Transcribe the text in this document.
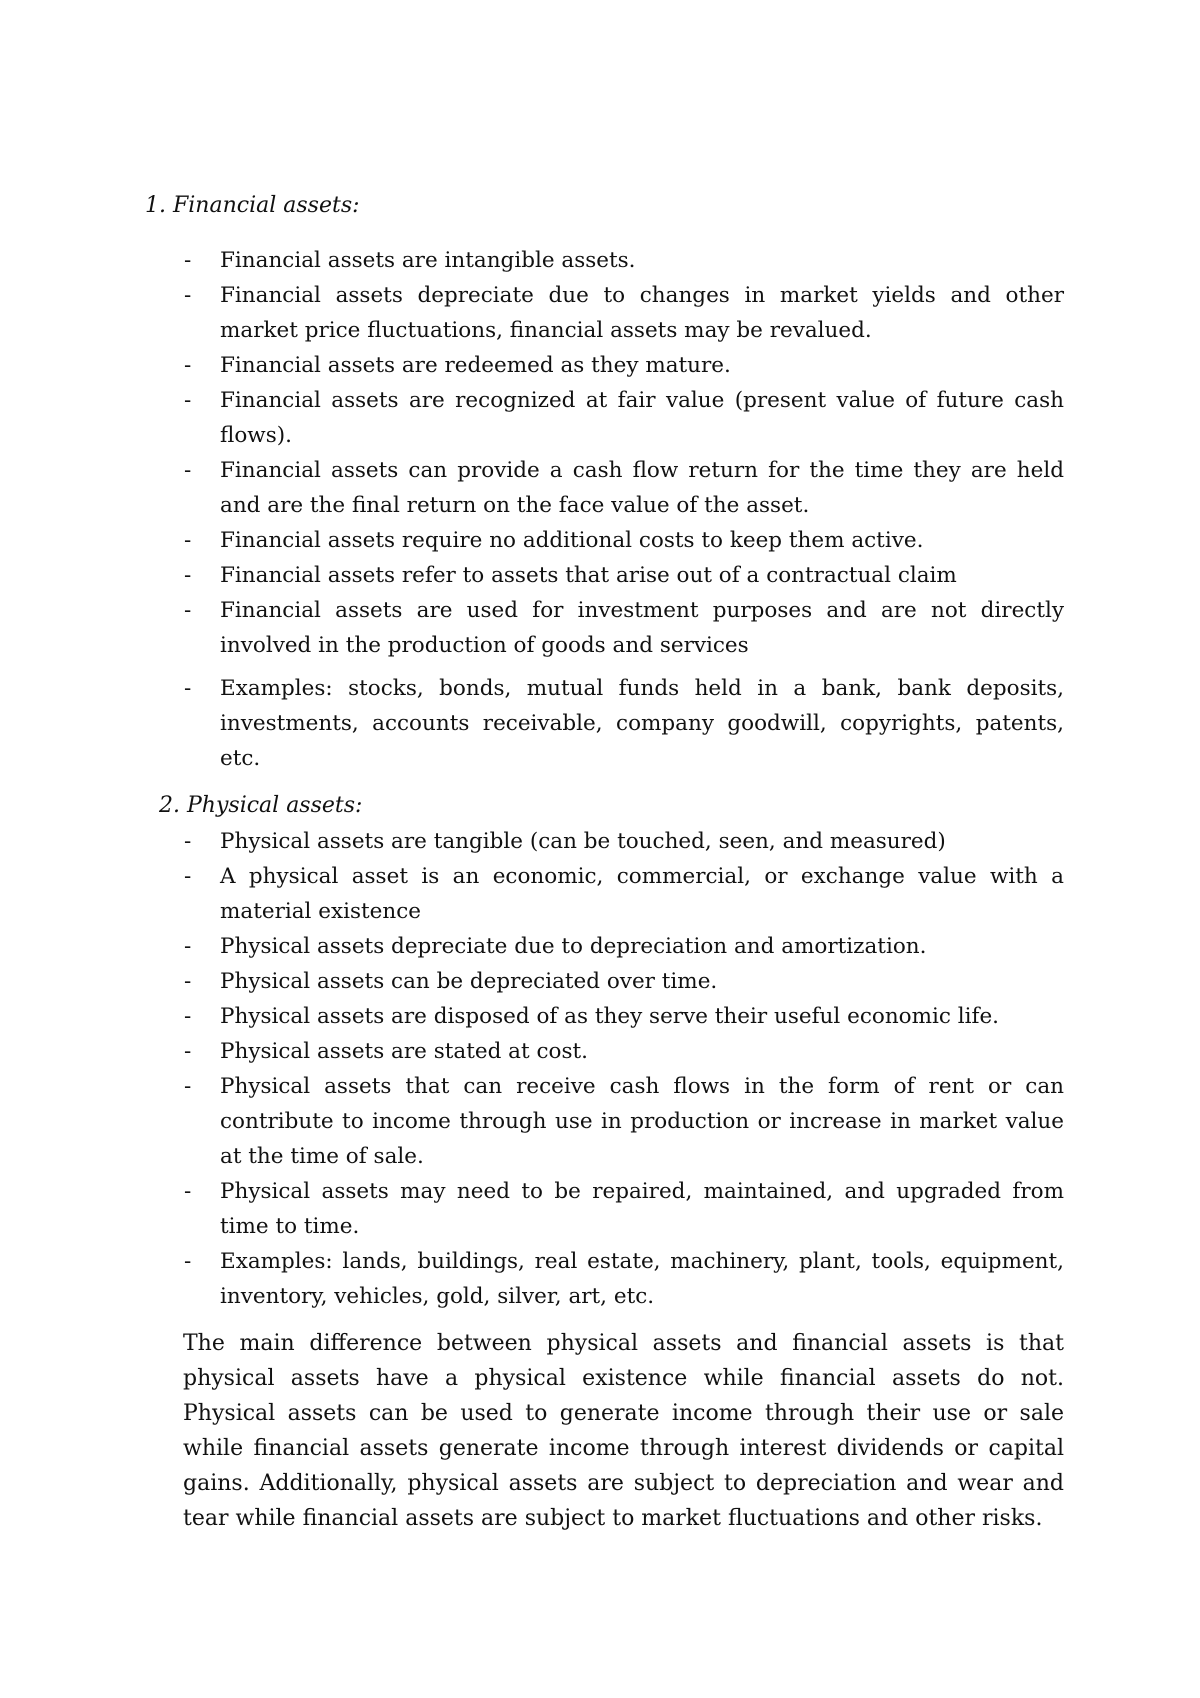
1. Financial assets:
- Financial assets are intangible assets.
- Financial assets depreciate due to changes in market yields and other market price fluctuations, financial assets may be revalued.
- Financial assets are redeemed as they mature.
- Financial assets are recognized at fair value (present value of future cash flows).
- Financial assets can provide a cash flow return for the time they are held and are the final return on the face value of the asset.
- Financial assets require no additional costs to keep them active.
- Financial assets refer to assets that arise out of a contractual claim
- Financial assets are used for investment purposes and are not directly involved in the production of goods and services
- Examples: stocks, bonds, mutual funds held in a bank, bank deposits, investments, accounts receivable, company goodwill, copyrights, patents, etc.
2. Physical assets:
- Physical assets are tangible (can be touched, seen, and measured)
- A physical asset is an economic, commercial, or exchange value with a material existence
- Physical assets depreciate due to depreciation and amortization.
- Physical assets can be depreciated over time.
- Physical assets are disposed of as they serve their useful economic life.
- Physical assets are stated at cost.
- Physical assets that can receive cash flows in the form of rent or can contribute to income through use in production or increase in market value at the time of sale.
- Physical assets may need to be repaired, maintained, and upgraded from time to time.
- Examples: lands, buildings, real estate, machinery, plant, tools, equipment, inventory, vehicles, gold, silver, art, etc.

The main difference between physical assets and financial assets is that physical assets have a physical existence while financial assets do not. Physical assets can be used to generate income through their use or sale while financial assets generate income through interest dividends or capital gains. Additionally, physical assets are subject to depreciation and wear and tear while financial assets are subject to market fluctuations and other risks.
